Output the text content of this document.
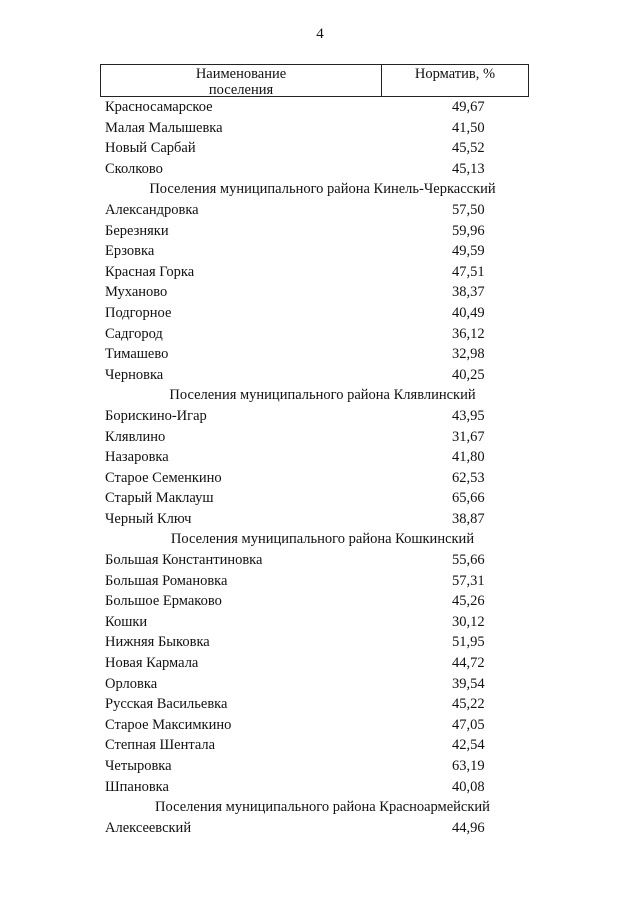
4
Наименование
поселения
Норматив, %
Красносамарское	49,67
Малая Малышевка	41,50
Новый Сарбай	45,52
Сколково	45,13
Поселения муниципального района Кинель-Черкасский
Александровка	57,50
Березняки	59,96
Ерзовка	49,59
Красная Горка	47,51
Муханово	38,37
Подгорное	40,49
Садгород	36,12
Тимашево	32,98
Черновка	40,25
Поселения муниципального района Клявлинский
Борискино-Игар	43,95
Клявлино	31,67
Назаровка	41,80
Старое Семенкино	62,53
Старый Маклауш	65,66
Черный Ключ	38,87
Поселения муниципального района Кошкинский
Большая Константиновка	55,66
Большая Романовка	57,31
Большое Ермаково	45,26
Кошки	30,12
Нижняя Быковка	51,95
Новая Кармала	44,72
Орловка	39,54
Русская Васильевка	45,22
Старое Максимкино	47,05
Степная Шентала	42,54
Четыровка	63,19
Шпановка	40,08
Поселения муниципального района Красноармейский
Алексеевский	44,96
